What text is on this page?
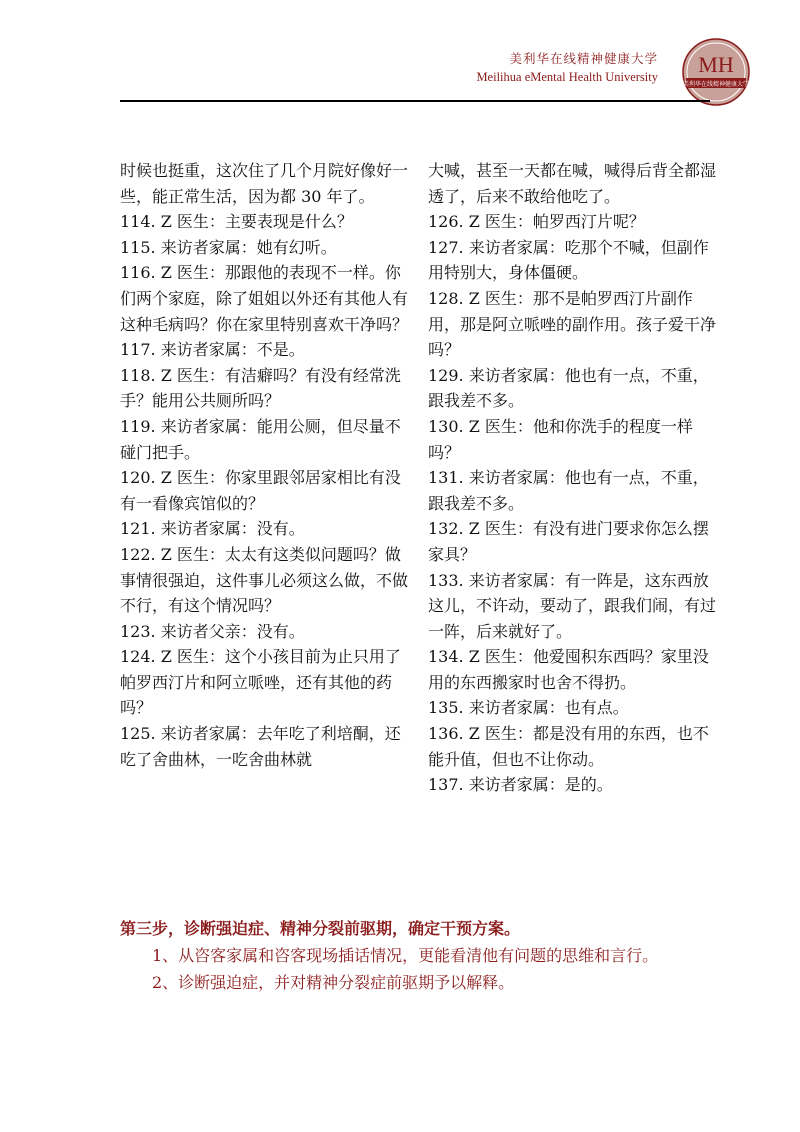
美利华在线精神健康大学
Meilihua eMental Health University MH
美利华在线精神健康大学

时候也挺重，这次住了几个月院好像好一些，能正常生活，因为都 30 年了。

114. Z 医生：主要表现是什么？

115. 来访者家属：她有幻听。

116. Z 医生：那跟他的表现不一样。你们两个家庭，除了姐姐以外还有其他人有这种毛病吗？你在家里特别喜欢干净吗？

117. 来访者家属：不是。

118. Z 医生：有洁癖吗？有没有经常洗手？能用公共厕所吗？

119. 来访者家属：能用公厕，但尽量不碰门把手。

120. Z 医生：你家里跟邻居家相比有没有一看像宾馆似的？

121. 来访者家属：没有。

122. Z 医生：太太有这类似问题吗？做事情很强迫，这件事儿必须这么做，不做不行，有这个情况吗？

123. 来访者父亲：没有。

124. Z 医生：这个小孩目前为止只用了帕罗西汀片和阿立哌唑，还有其他的药吗？

125. 来访者家属：去年吃了利培酮，还吃了舍曲林，一吃舍曲林就

大喊，甚至一天都在喊，喊得后背全都湿透了，后来不敢给他吃了。

126. Z 医生：帕罗西汀片呢？

127. 来访者家属：吃那个不喊，但副作用特别大，身体僵硬。

128. Z 医生：那不是帕罗西汀片副作用，那是阿立哌唑的副作用。孩子爱干净吗？

129. 来访者家属：他也有一点，不重，跟我差不多。

130. Z 医生：他和你洗手的程度一样吗？

131. 来访者家属：他也有一点，不重，跟我差不多。

132. Z 医生：有没有进门要求你怎么摆家具？

133. 来访者家属：有一阵是，这东西放这儿，不许动，要动了，跟我们闹，有过一阵，后来就好了。

134. Z 医生：他爱囤积东西吗？家里没用的东西搬家时也舍不得扔。

135. 来访者家属：也有点。

136. Z 医生：都是没有用的东西，也不能升值，但也不让你动。

137. 来访者家属：是的。

第三步，诊断强迫症、精神分裂前驱期，确定干预方案。

1、从咨客家属和咨客现场插话情况，更能看清他有问题的思维和言行。

2、诊断强迫症，并对精神分裂症前驱期予以解释。
